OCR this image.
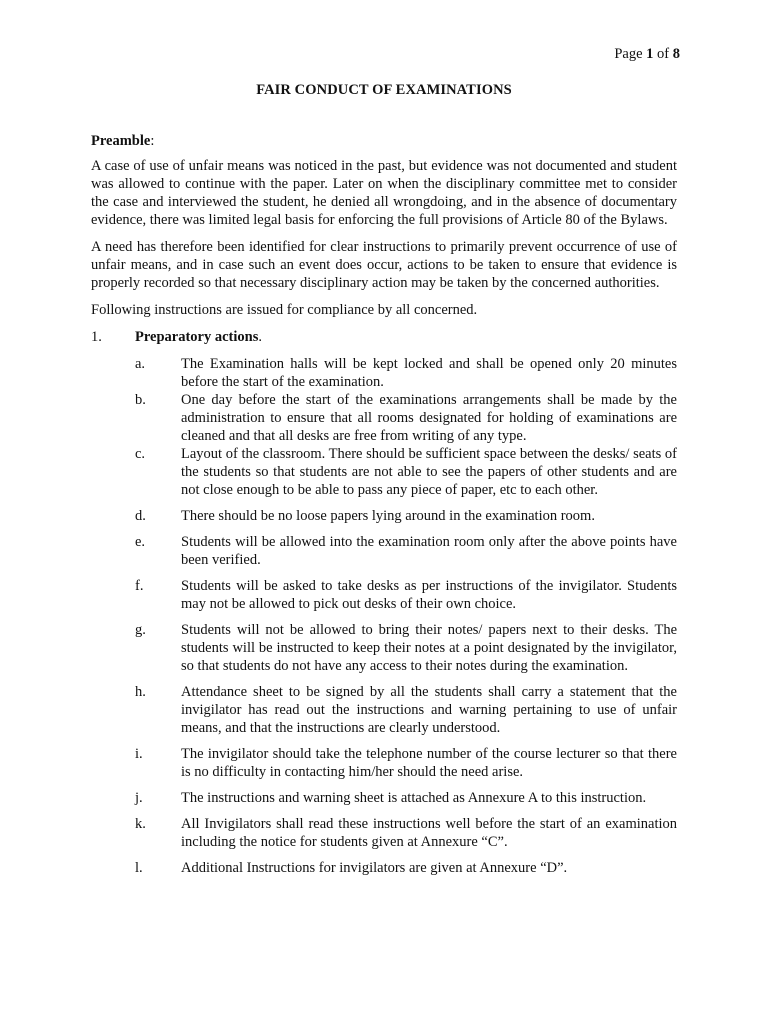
Page 1 of 8
FAIR CONDUCT OF EXAMINATIONS
Preamble:

A case of use of unfair means was noticed in the past, but evidence was not documented and student was allowed to continue with the paper. Later on when the disciplinary committee met to consider the case and interviewed the student, he denied all wrongdoing, and in the absence of documentary evidence, there was limited legal basis for enforcing the full provisions of Article 80 of the Bylaws.

A need has therefore been identified for clear instructions to primarily prevent occurrence of use of unfair means, and in case such an event does occur, actions to be taken to ensure that evidence is properly recorded so that necessary disciplinary action may be taken by the concerned authorities.

Following instructions are issued for compliance by all concerned.

1.	Preparatory actions.
a.	The Examination halls will be kept locked and shall be opened only 20 minutes before the start of the examination.
b.	One day before the start of the examinations arrangements shall be made by the administration to ensure that all rooms designated for holding of examinations are cleaned and that all desks are free from writing of any type.
c.	Layout of the classroom. There should be sufficient space between the desks/ seats of the students so that students are not able to see the papers of other students and are not close enough to be able to pass any piece of paper, etc to each other.
d.	There should be no loose papers lying around in the examination room.
e.	Students will be allowed into the examination room only after the above points have been verified.
f.	Students will be asked to take desks as per instructions of the invigilator. Students may not be allowed to pick out desks of their own choice.
g.	Students will not be allowed to bring their notes/ papers next to their desks. The students will be instructed to keep their notes at a point designated by the invigilator, so that students do not have any access to their notes during the examination.
h.	Attendance sheet to be signed by all the students shall carry a statement that the invigilator has read out the instructions and warning pertaining to use of unfair means, and that the instructions are clearly understood.
i.	The invigilator should take the telephone number of the course lecturer so that there is no difficulty in contacting him/her should the need arise.
j.	The instructions and warning sheet is attached as Annexure A to this instruction.
k.	All Invigilators shall read these instructions well before the start of an examination including the notice for students given at Annexure “C”.
l.	Additional Instructions for invigilators are given at Annexure “D”.
